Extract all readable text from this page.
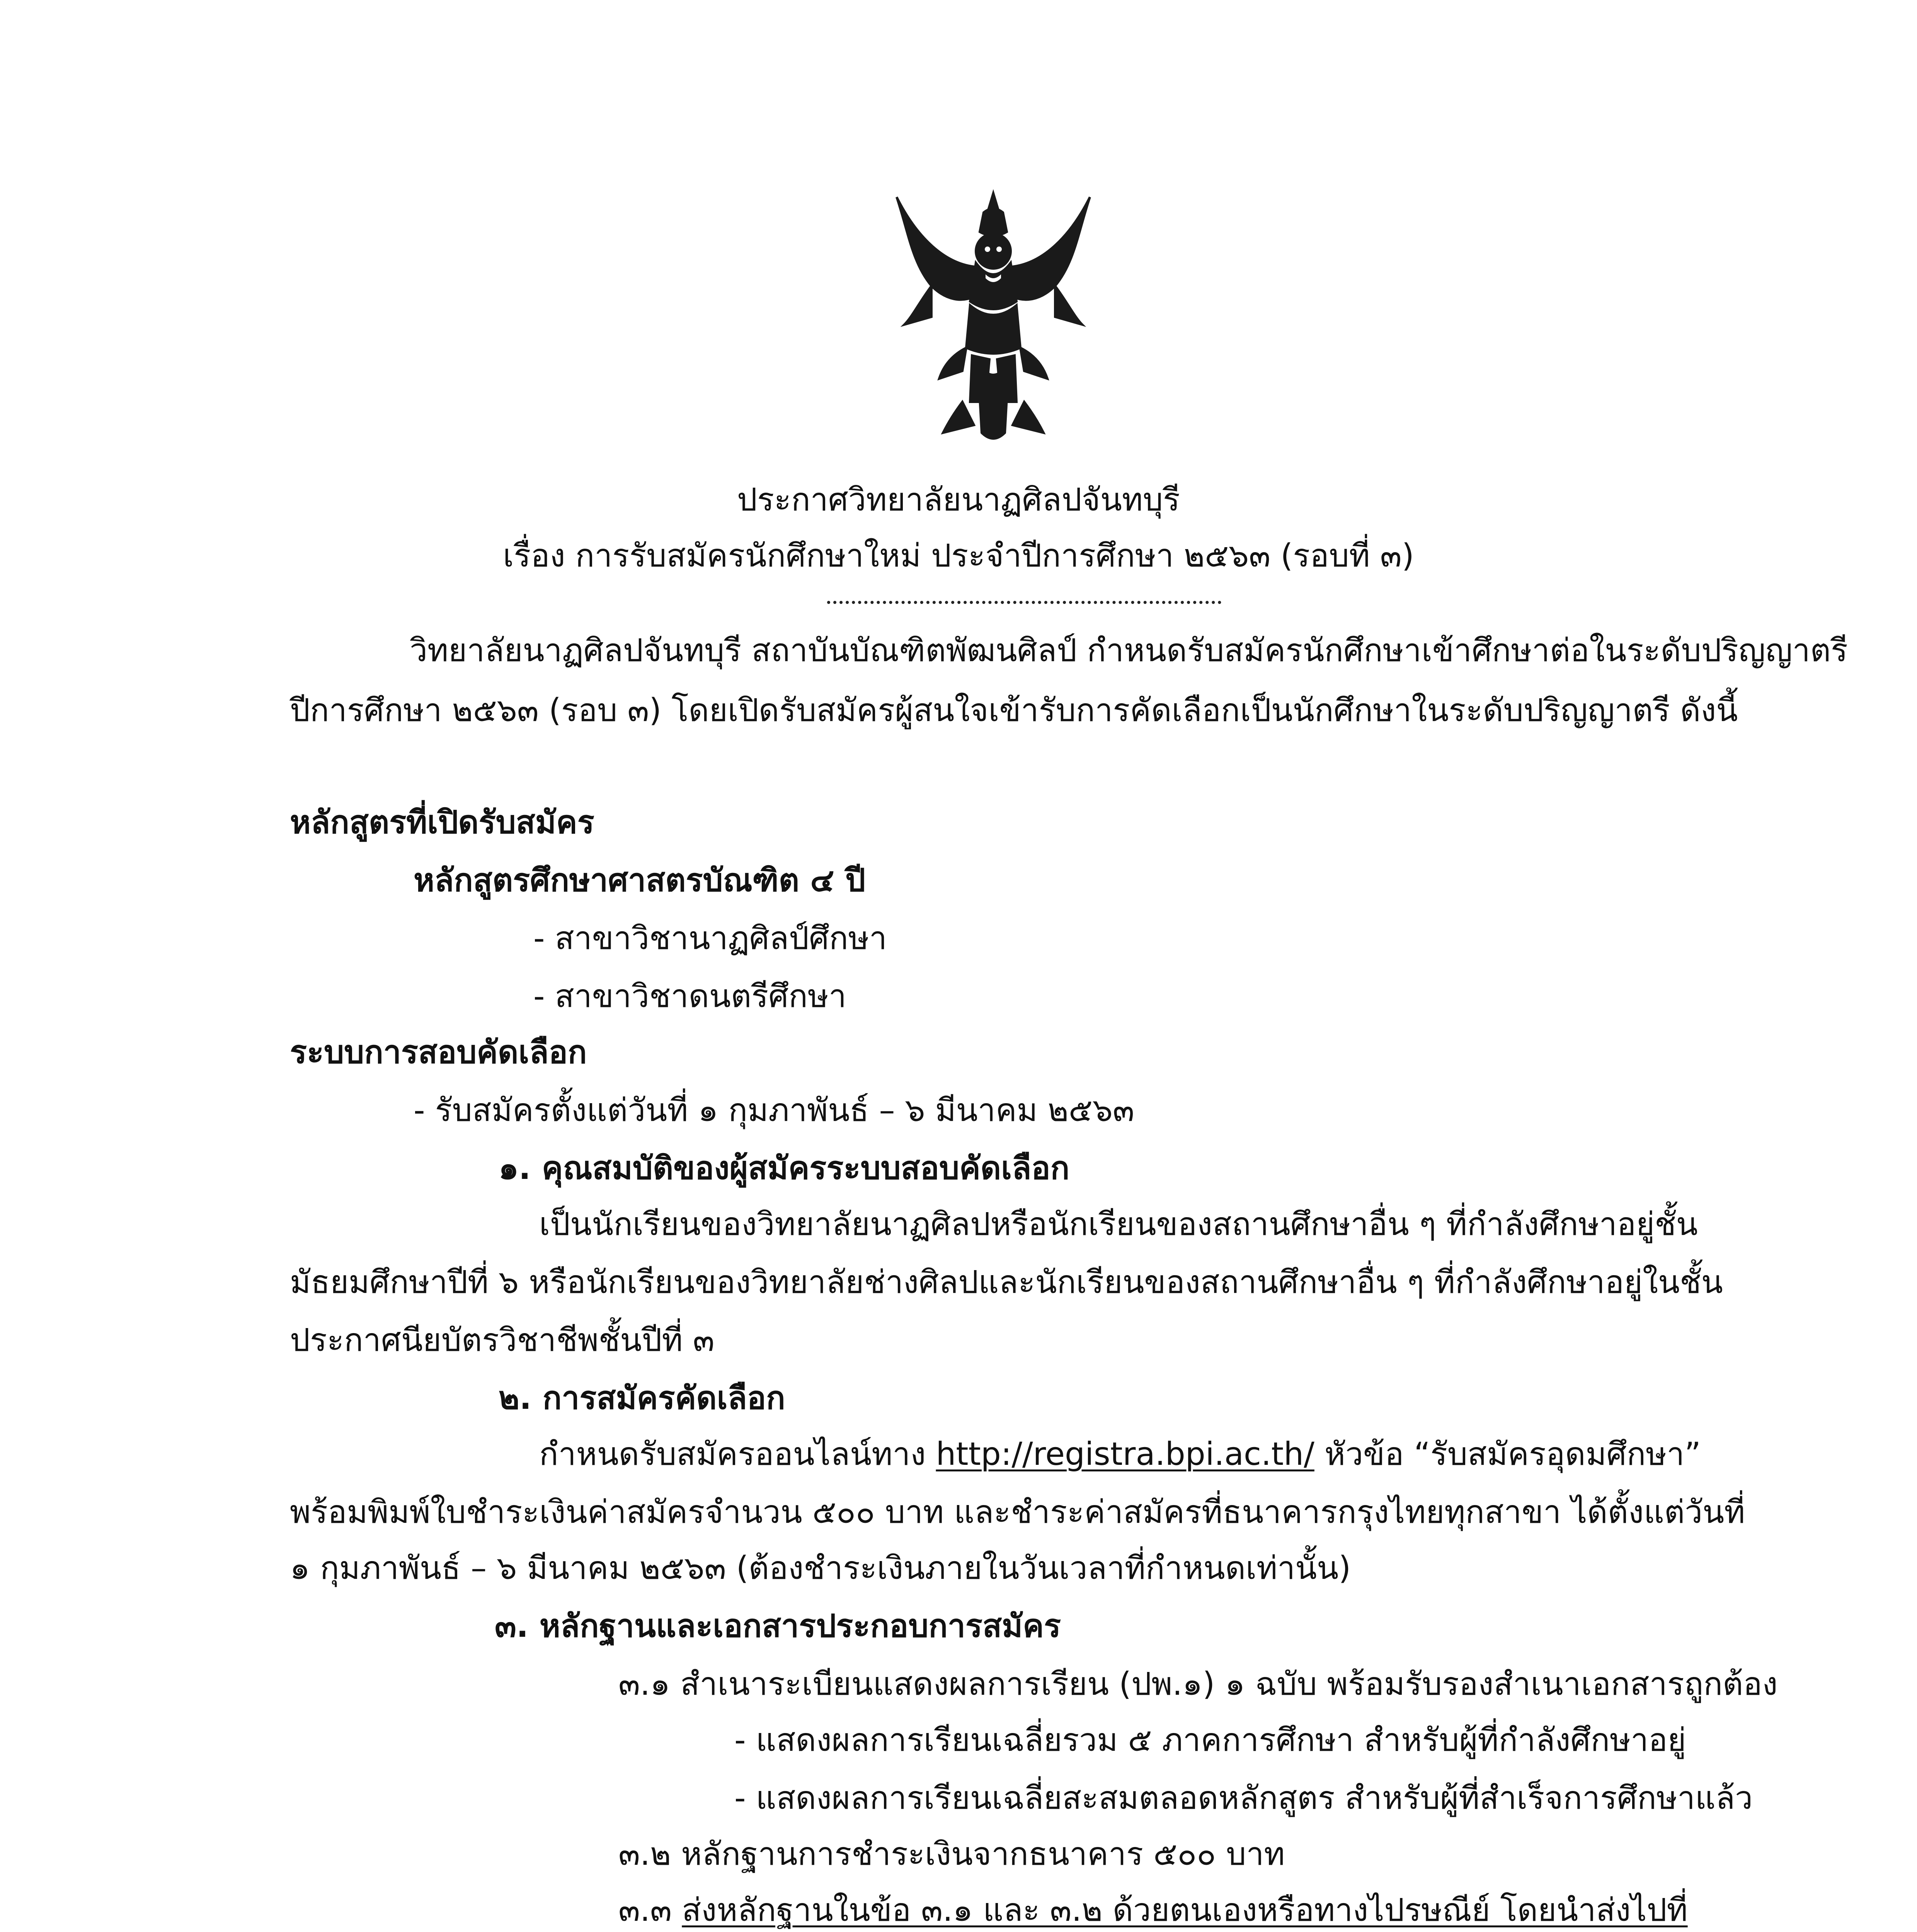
ประกาศวิทยาลัยนาฏศิลปจันทบุรี
เรื่อง การรับสมัครนักศึกษาใหม่ ประจำปีการศึกษา ๒๕๖๓ (รอบที่ ๓)
วิทยาลัยนาฏศิลปจันทบุรี สถาบันบัณฑิตพัฒนศิลป์ กำหนดรับสมัครนักศึกษาเข้าศึกษาต่อในระดับปริญญาตรี
ปีการศึกษา ๒๕๖๓ (รอบ ๓) โดยเปิดรับสมัครผู้สนใจเข้ารับการคัดเลือกเป็นนักศึกษาในระดับปริญญาตรี ดังนี้
หลักสูตรที่เปิดรับสมัคร
หลักสูตรศึกษาศาสตรบัณฑิต ๔ ปี
- สาขาวิชานาฏศิลป์ศึกษา
- สาขาวิชาดนตรีศึกษา
ระบบการสอบคัดเลือก
- รับสมัครตั้งแต่วันที่ ๑ กุมภาพันธ์ – ๖ มีนาคม ๒๕๖๓
๑. คุณสมบัติของผู้สมัครระบบสอบคัดเลือก
เป็นนักเรียนของวิทยาลัยนาฏศิลปหรือนักเรียนของสถานศึกษาอื่น ๆ ที่กำลังศึกษาอยู่ชั้น
มัธยมศึกษาปีที่ ๖ หรือนักเรียนของวิทยาลัยช่างศิลปและนักเรียนของสถานศึกษาอื่น ๆ ที่กำลังศึกษาอยู่ในชั้น
ประกาศนียบัตรวิชาชีพชั้นปีที่ ๓
๒. การสมัครคัดเลือก
กำหนดรับสมัครออนไลน์ทาง http://registra.bpi.ac.th/ หัวข้อ “รับสมัครอุดมศึกษา”
พร้อมพิมพ์ใบชำระเงินค่าสมัครจำนวน ๕๐๐ บาท และชำระค่าสมัครที่ธนาคารกรุงไทยทุกสาขา ได้ตั้งแต่วันที่
๑ กุมภาพันธ์ – ๖ มีนาคม ๒๕๖๓ (ต้องชำระเงินภายในวันเวลาที่กำหนดเท่านั้น)
๓. หลักฐานและเอกสารประกอบการสมัคร
๓.๑ สำเนาระเบียนแสดงผลการเรียน (ปพ.๑) ๑ ฉบับ พร้อมรับรองสำเนาเอกสารถูกต้อง
- แสดงผลการเรียนเฉลี่ยรวม ๕ ภาคการศึกษา สำหรับผู้ที่กำลังศึกษาอยู่
- แสดงผลการเรียนเฉลี่ยสะสมตลอดหลักสูตร สำหรับผู้ที่สำเร็จการศึกษาแล้ว
๓.๒ หลักฐานการชำระเงินจากธนาคาร ๕๐๐ บาท
๓.๓ ส่งหลักฐานในข้อ ๓.๑ และ ๓.๒ ด้วยตนเองหรือทางไปรษณีย์ โดยนำส่งไปที่
